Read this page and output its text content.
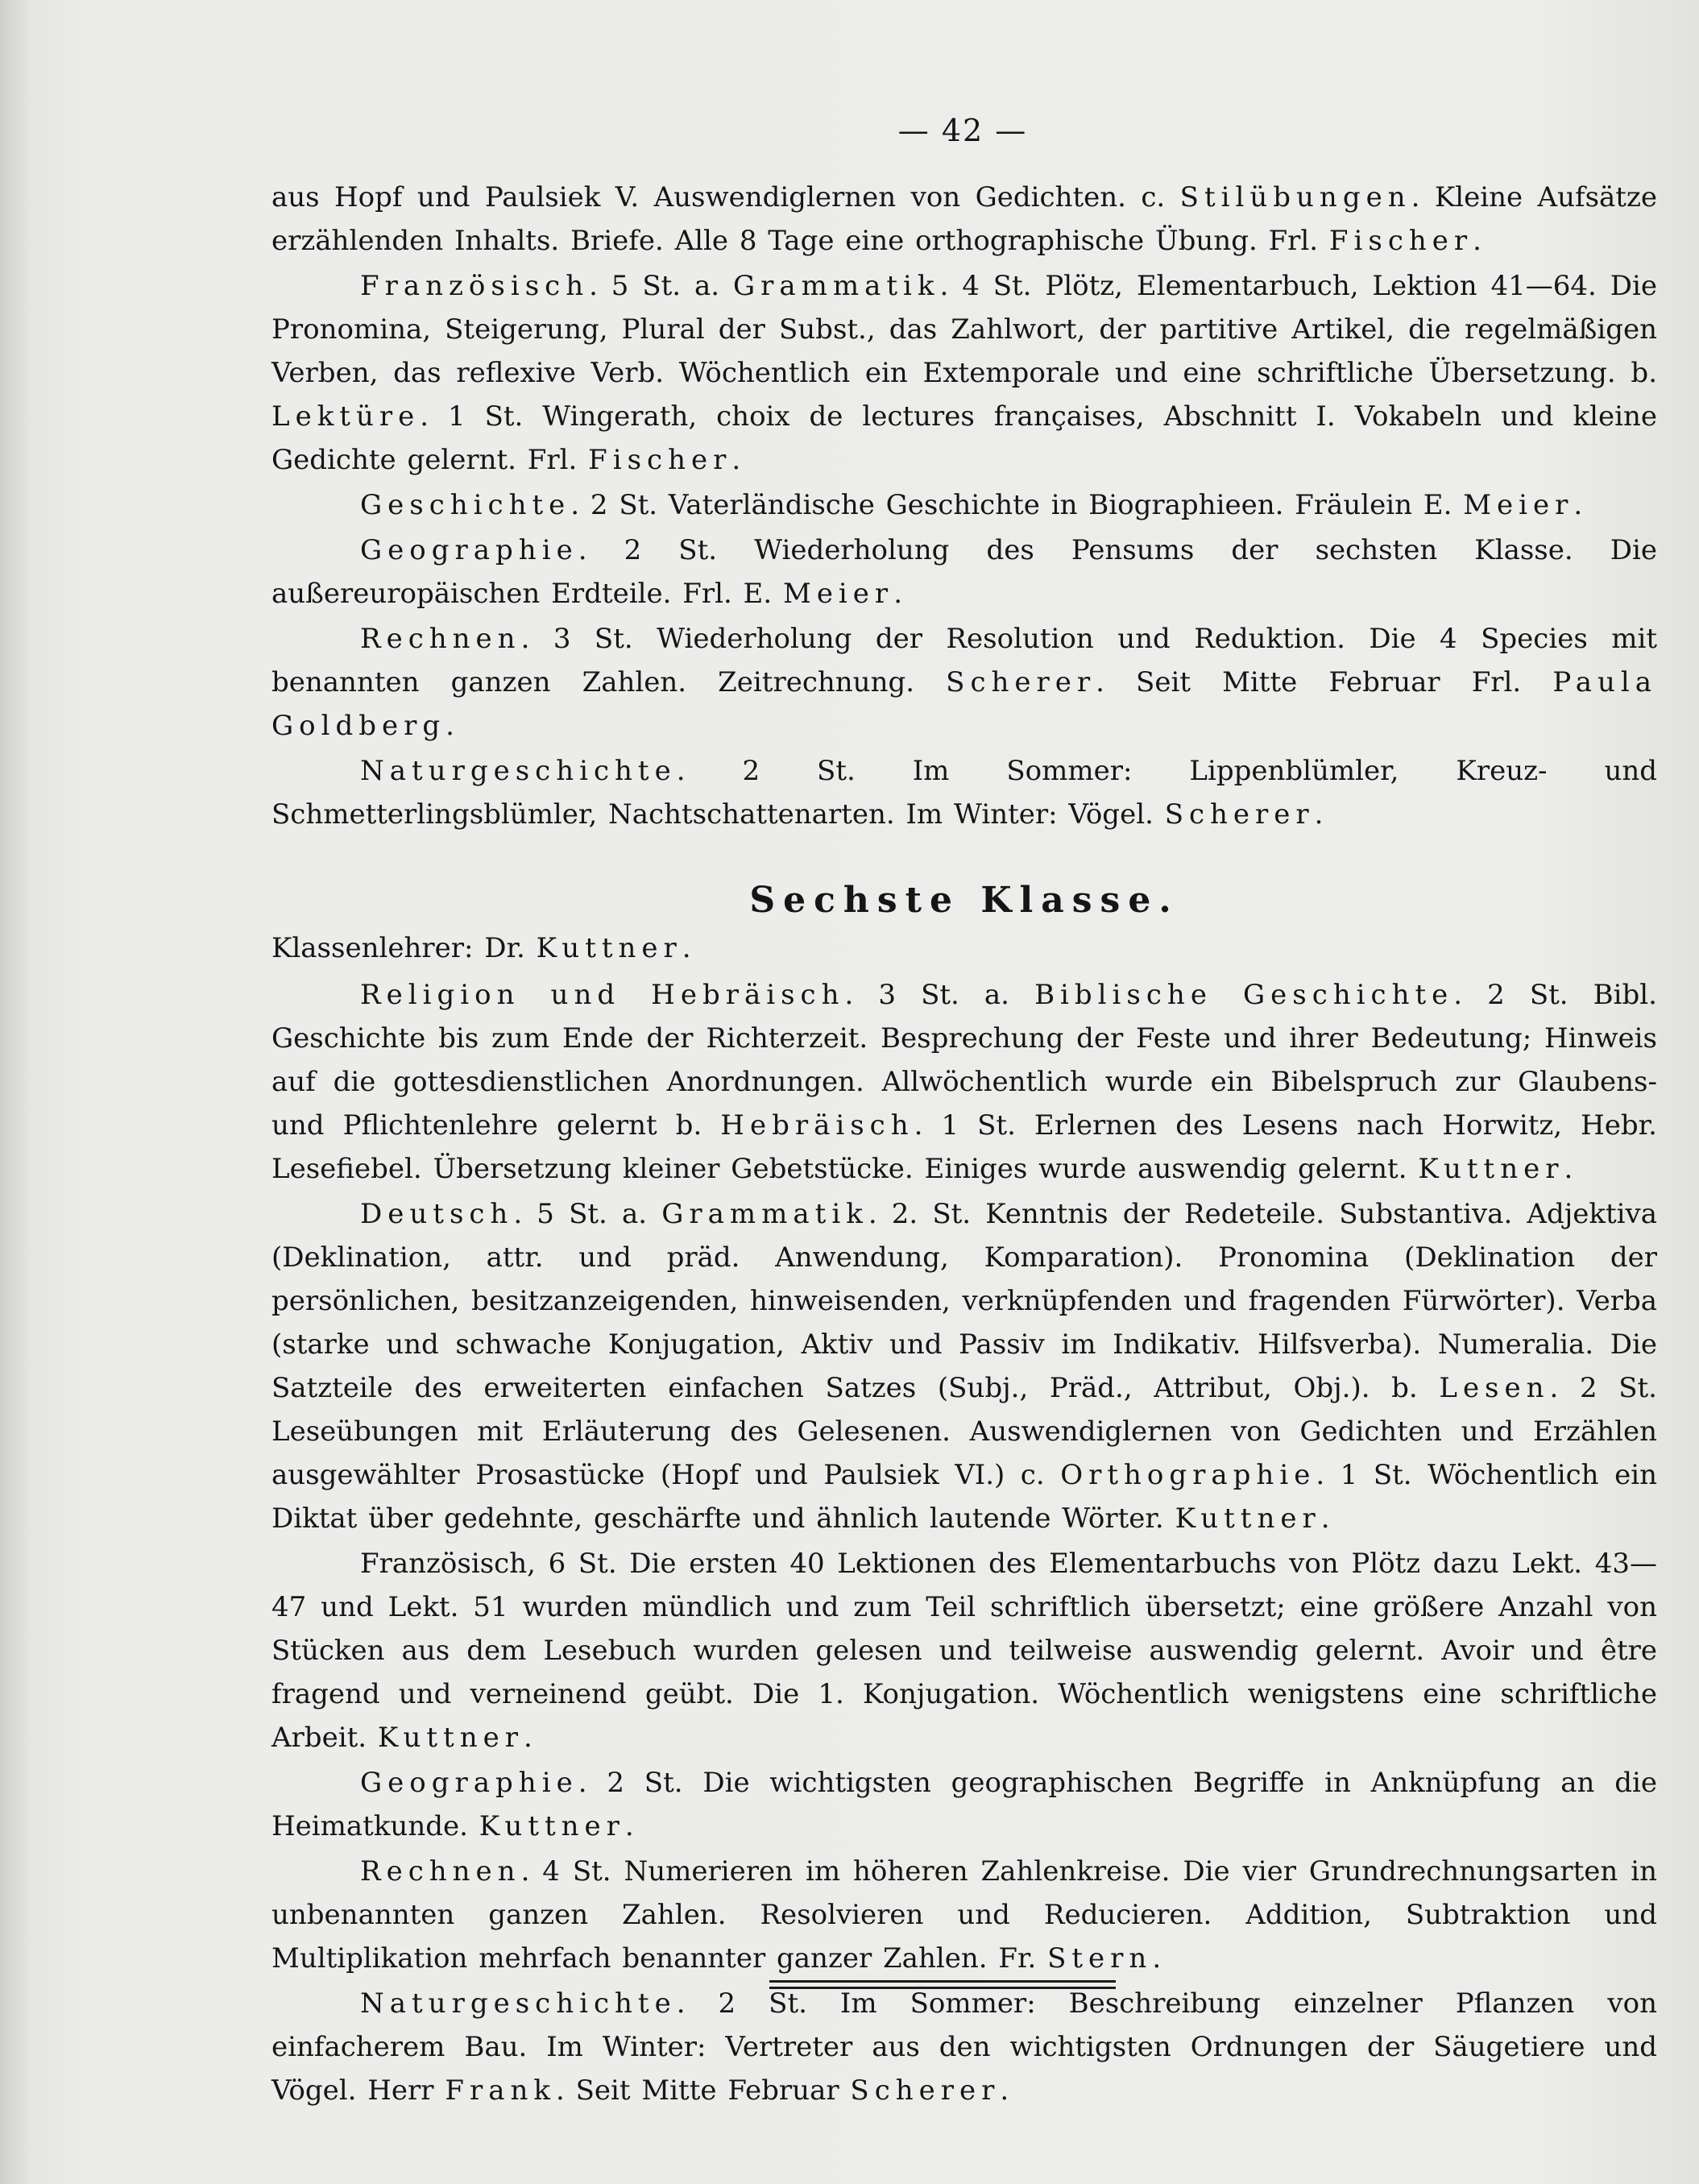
— 42 —

aus Hopf und Paulsiek V. Auswendiglernen von Gedichten. c. Stilübungen. Kleine Aufsätze erzählenden Inhalts. Briefe. Alle 8 Tage eine orthographische Übung. Frl. Fischer.

Französisch. 5 St. a. Grammatik. 4 St. Plötz, Elementarbuch, Lektion 41—64. Die Pronomina, Steigerung, Plural der Subst., das Zahlwort, der partitive Artikel, die regelmäßigen Verben, das reflexive Verb. Wöchentlich ein Extemporale und eine schriftliche Übersetzung. b. Lektüre. 1 St. Wingerath, choix de lectures françaises, Abschnitt I. Vokabeln und kleine Gedichte gelernt. Frl. Fischer.

Geschichte. 2 St. Vaterländische Geschichte in Biographieen. Fräulein E. Meier.

Geographie. 2 St. Wiederholung des Pensums der sechsten Klasse. Die außereuropäischen Erdteile. Frl. E. Meier.

Rechnen. 3 St. Wiederholung der Resolution und Reduktion. Die 4 Species mit benannten ganzen Zahlen. Zeitrechnung. Scherer. Seit Mitte Februar Frl. Paula Goldberg.

Naturgeschichte. 2 St. Im Sommer: Lippenblümler, Kreuz- und Schmetterlingsblümler, Nachtschattenarten. Im Winter: Vögel. Scherer.

Sechste Klasse.

Klassenlehrer: Dr. Kuttner.

Religion und Hebräisch. 3 St. a. Biblische Geschichte. 2 St. Bibl. Geschichte bis zum Ende der Richterzeit. Besprechung der Feste und ihrer Bedeutung; Hinweis auf die gottesdienstlichen Anordnungen. Allwöchentlich wurde ein Bibelspruch zur Glaubens- und Pflichtenlehre gelernt b. Hebräisch. 1 St. Erlernen des Lesens nach Horwitz, Hebr. Lesefiebel. Übersetzung kleiner Gebetstücke. Einiges wurde auswendig gelernt. Kuttner.

Deutsch. 5 St. a. Grammatik. 2. St. Kenntnis der Redeteile. Substantiva. Adjektiva (Deklination, attr. und präd. Anwendung, Komparation). Pronomina (Deklination der persönlichen, besitzanzeigenden, hinweisenden, verknüpfenden und fragenden Fürwörter). Verba (starke und schwache Konjugation, Aktiv und Passiv im Indikativ. Hilfsverba). Numeralia. Die Satzteile des erweiterten einfachen Satzes (Subj., Präd., Attribut, Obj.). b. Lesen. 2 St. Leseübungen mit Erläuterung des Gelesenen. Auswendiglernen von Gedichten und Erzählen ausgewählter Prosastücke (Hopf und Paulsiek VI.) c. Orthographie. 1 St. Wöchentlich ein Diktat über gedehnte, geschärfte und ähnlich lautende Wörter. Kuttner.

Französisch, 6 St. Die ersten 40 Lektionen des Elementarbuchs von Plötz dazu Lekt. 43—47 und Lekt. 51 wurden mündlich und zum Teil schriftlich übersetzt; eine größere Anzahl von Stücken aus dem Lesebuch wurden gelesen und teilweise auswendig gelernt. Avoir und être fragend und verneinend geübt. Die 1. Konjugation. Wöchentlich wenigstens eine schriftliche Arbeit. Kuttner.

Geographie. 2 St. Die wichtigsten geographischen Begriffe in Anknüpfung an die Heimatkunde. Kuttner.

Rechnen. 4 St. Numerieren im höheren Zahlenkreise. Die vier Grundrechnungsarten in unbenannten ganzen Zahlen. Resolvieren und Reducieren. Addition, Subtraktion und Multiplikation mehrfach benannter ganzer Zahlen. Fr. Stern.

Naturgeschichte. 2 St. Im Sommer: Beschreibung einzelner Pflanzen von einfacherem Bau. Im Winter: Vertreter aus den wichtigsten Ordnungen der Säugetiere und Vögel. Herr Frank. Seit Mitte Februar Scherer.
